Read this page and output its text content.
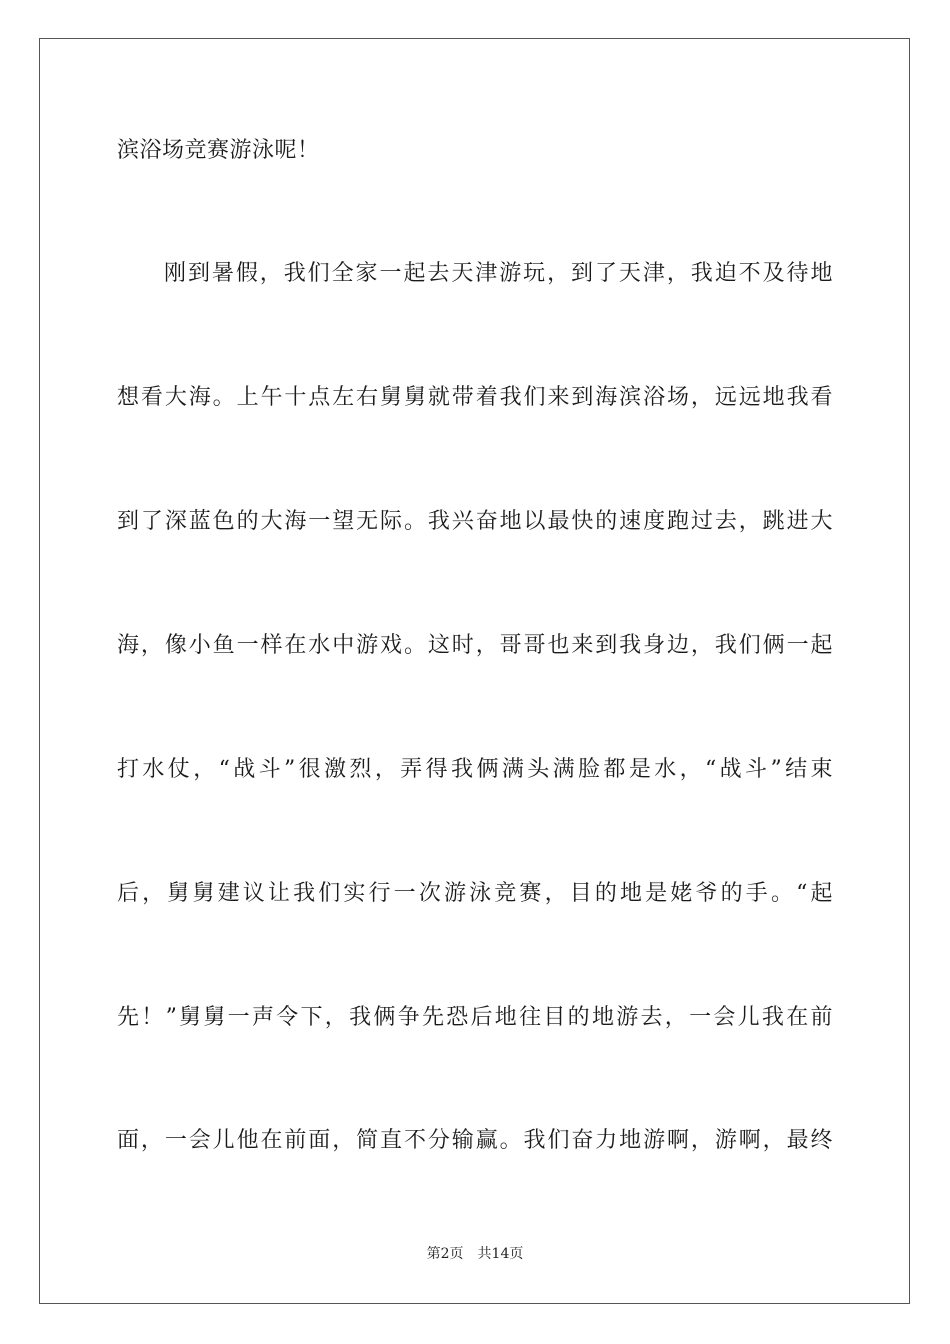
滨浴场竞赛游泳呢！
刚到暑假，我们全家一起去天津游玩，到了天津，我迫不及待地
想看大海。上午十点左右舅舅就带着我们来到海滨浴场，远远地我看
到了深蓝色的大海一望无际。我兴奋地以最快的速度跑过去，跳进大
海，像小鱼一样在水中游戏。这时，哥哥也来到我身边，我们俩一起
打水仗，“战斗”很激烈，弄得我俩满头满脸都是水，“战斗”结束
后，舅舅建议让我们实行一次游泳竞赛，目的地是姥爷的手。“起
先！”舅舅一声令下，我俩争先恐后地往目的地游去，一会儿我在前
面，一会儿他在前面，简直不分输赢。我们奋力地游啊，游啊，最终
第2页 共14页
